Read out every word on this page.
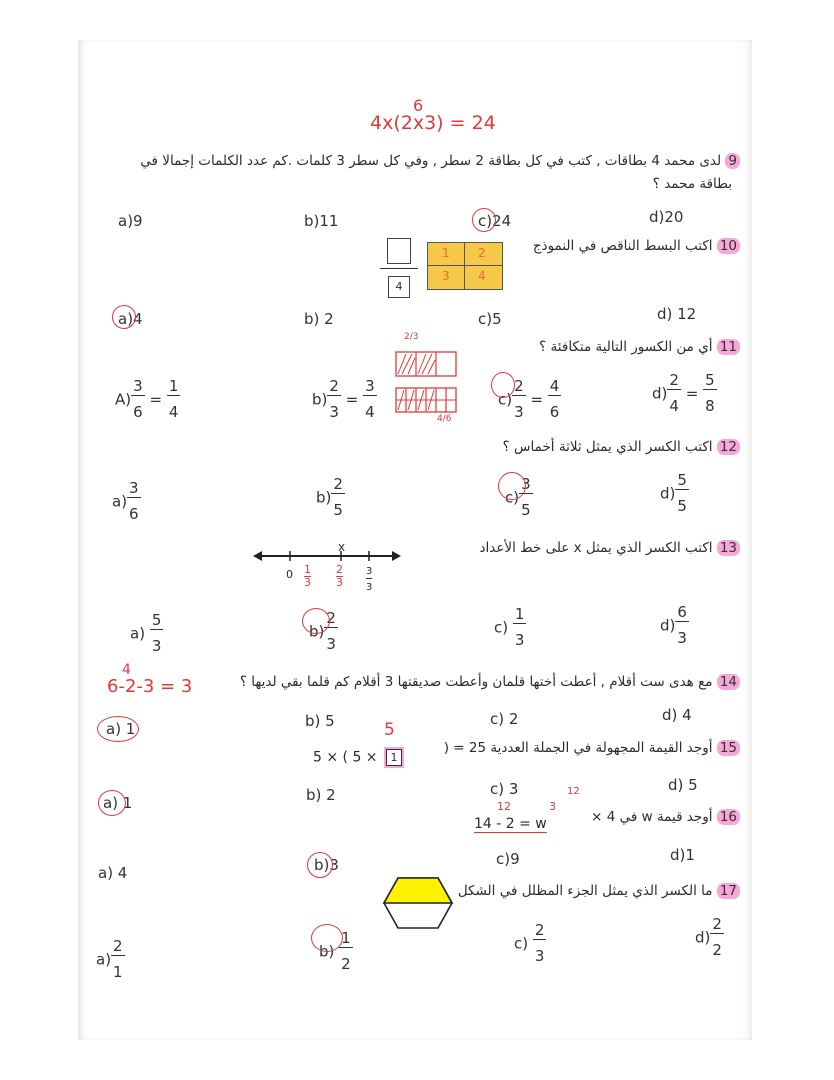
6
4x(2x3) = 24
9 لدى محمد 4 بطاقات , كتب في كل بطاقة 2 سطر , وفي كل سطر 3 كلمات .كم عدد الكلمات إجمالا في
بطاقة محمد ؟
a)9	b)11	c)24	d)20
10 اكتب البسط الناقص في النموذج
4
1 2
3 4
a)4	b) 2	c)5	d) 12
11 أي من الكسور التالية متكافئة ؟
2/3
4/6
$A) \frac{3}{6} = \frac{1}{4}$	$b) \frac{2}{3} = \frac{3}{4}$	$c) \frac{2}{3} = \frac{4}{6}$	$d) \frac{2}{4} = \frac{5}{8}$
12 اكتب الكسر الذي يمثل ثلاثة أخماس ؟
$a) \frac{3}{6}$	$b) \frac{2}{5}$	$c) \frac{3}{5}$	$d) \frac{5}{5}$
13 اكتب الكسر الذي يمثل x على خط الأعداد
x
0 1
3
2
3
3
3
$a) \frac{5}{3}$	$b) \frac{2}{3}$	$c) \frac{1}{3}$	$d) \frac{6}{3}$
4
6-2-3 = 3	14 مع هدى ست أقلام , أعطت أختها قلمان وأعطت صديقتها 3 أقلام كم قلما بقي لديها ؟
a) 1	b) 5	c) 2	d) 4
5
15 أوجد القيمة المجهولة في الجملة العددية 25 = (
5 × ( 5 × 1
a) 1	b) 2	c) 3	d) 5
12	3
12
16 أوجد قيمة w في 4 ×
14 - 2 = w
a) 4	b)3	c)9	d)1
17 ما الكسر الذي يمثل الجزء المظلل في الشكل
$a) \frac{2}{1}$	$b) \frac{1}{2}$	$c) \frac{2}{3}$	$d) \frac{2}{2}$
